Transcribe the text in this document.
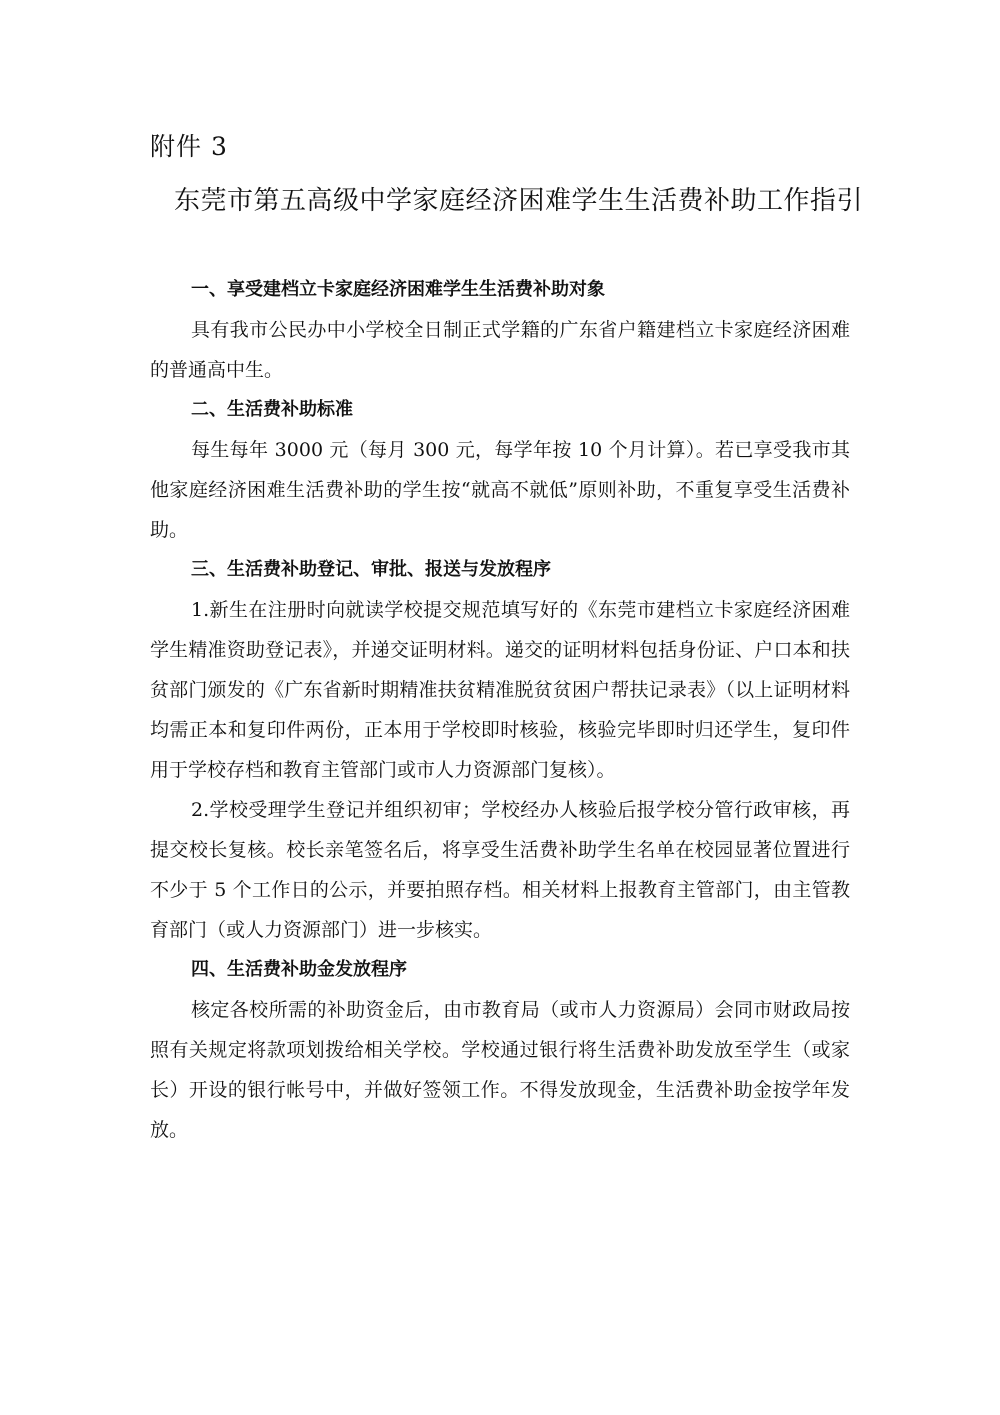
附件 3
东莞市第五高级中学家庭经济困难学生生活费补助工作指引
一、享受建档立卡家庭经济困难学生生活费补助对象

具有我市公民办中小学校全日制正式学籍的广东省户籍建档立卡家庭经济困难的普通高中生。

二、生活费补助标准

每生每年 3000 元（每月 300 元，每学年按 10 个月计算）。若已享受我市其他家庭经济困难生活费补助的学生按“就高不就低”原则补助，不重复享受生活费补助。

三、生活费补助登记、审批、报送与发放程序

1.新生在注册时向就读学校提交规范填写好的《东莞市建档立卡家庭经济困难学生精准资助登记表》，并递交证明材料。递交的证明材料包括身份证、户口本和扶贫部门颁发的《广东省新时期精准扶贫精准脱贫贫困户帮扶记录表》（以上证明材料均需正本和复印件两份，正本用于学校即时核验，核验完毕即时归还学生，复印件用于学校存档和教育主管部门或市人力资源部门复核）。

2.学校受理学生登记并组织初审；学校经办人核验后报学校分管行政审核，再提交校长复核。校长亲笔签名后，将享受生活费补助学生名单在校园显著位置进行不少于 5 个工作日的公示，并要拍照存档。相关材料上报教育主管部门，由主管教育部门（或人力资源部门）进一步核实。

四、生活费补助金发放程序

核定各校所需的补助资金后，由市教育局（或市人力资源局）会同市财政局按照有关规定将款项划拨给相关学校。学校通过银行将生活费补助发放至学生（或家长）开设的银行帐号中，并做好签领工作。不得发放现金，生活费补助金按学年发放。
